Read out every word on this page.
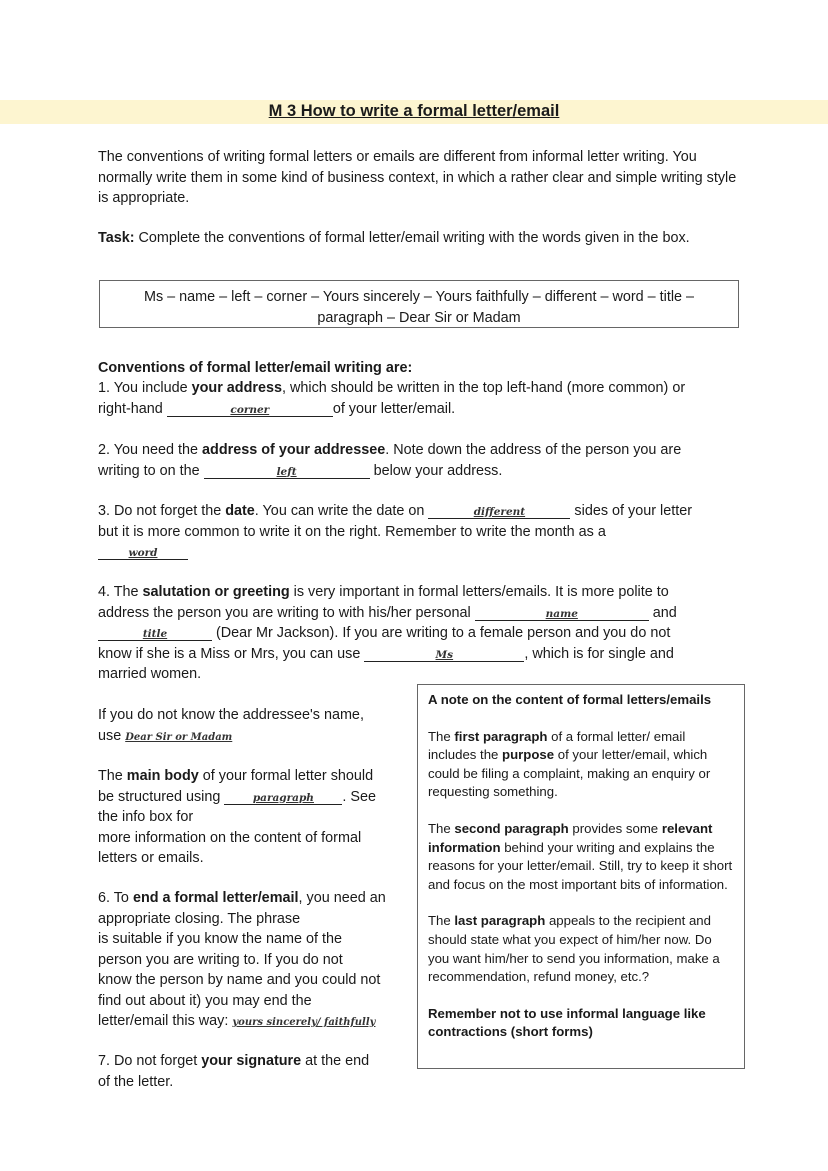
M 3 How to write a formal letter/email
The conventions of writing formal letters or emails are different from informal letter writing. You normally write them in some kind of business context, in which a rather clear and simple writing style is appropriate.
Task: Complete the conventions of formal letter/email writing with the words given in the box.
Ms – name – left – corner – Yours sincerely – Yours faithfully – different – word – title –
paragraph – Dear Sir or Madam
Conventions of formal letter/email writing are:
1. You include your address, which should be written in the top left-hand (more common) or
right-hand	corner	of your letter/email.
2. You need the address of your addressee. Note down the address of the person you are
writing to on the	left	below your address.
3. Do not forget the date. You can write the date on	different	sides of your letter
but it is more common to write it on the right. Remember to write the month as a
word
4. The salutation or greeting is very important in formal letters/emails. It is more polite to
address the person you are writing to with his/her personal	name	and
title	(Dear Mr Jackson). If you are writing to a female person and you do not
know if she is a Miss or Mrs, you can use	Ms	, which is for single and
married women.
If you do not know the addressee's name,
use Dear Sir or Madam
The main body of your formal letter should
be structured using	paragraph . See
the info box for
more information on the content of formal
letters or emails.
6. To end a formal letter/email, you need an
appropriate closing. The phrase
is suitable if you know the name of the
person you are writing to. If you do not
know the person by name and you could not
find out about it) you may end the
letter/email this way: yours sincerely/ faithfully
7. Do not forget your signature at the end
of the letter.

A note on the content of formal letters/emails

The first paragraph of a formal letter/ email includes the purpose of your letter/email, which could be filing a complaint, making an enquiry or requesting something.

The second paragraph provides some relevant information behind your writing and explains the reasons for your letter/email. Still, try to keep it short and focus on the most important bits of information.

The last paragraph appeals to the recipient and should state what you expect of him/her now. Do you want him/her to send you information, make a recommendation, refund money, etc.?

Remember not to use informal language like contractions (short forms)
